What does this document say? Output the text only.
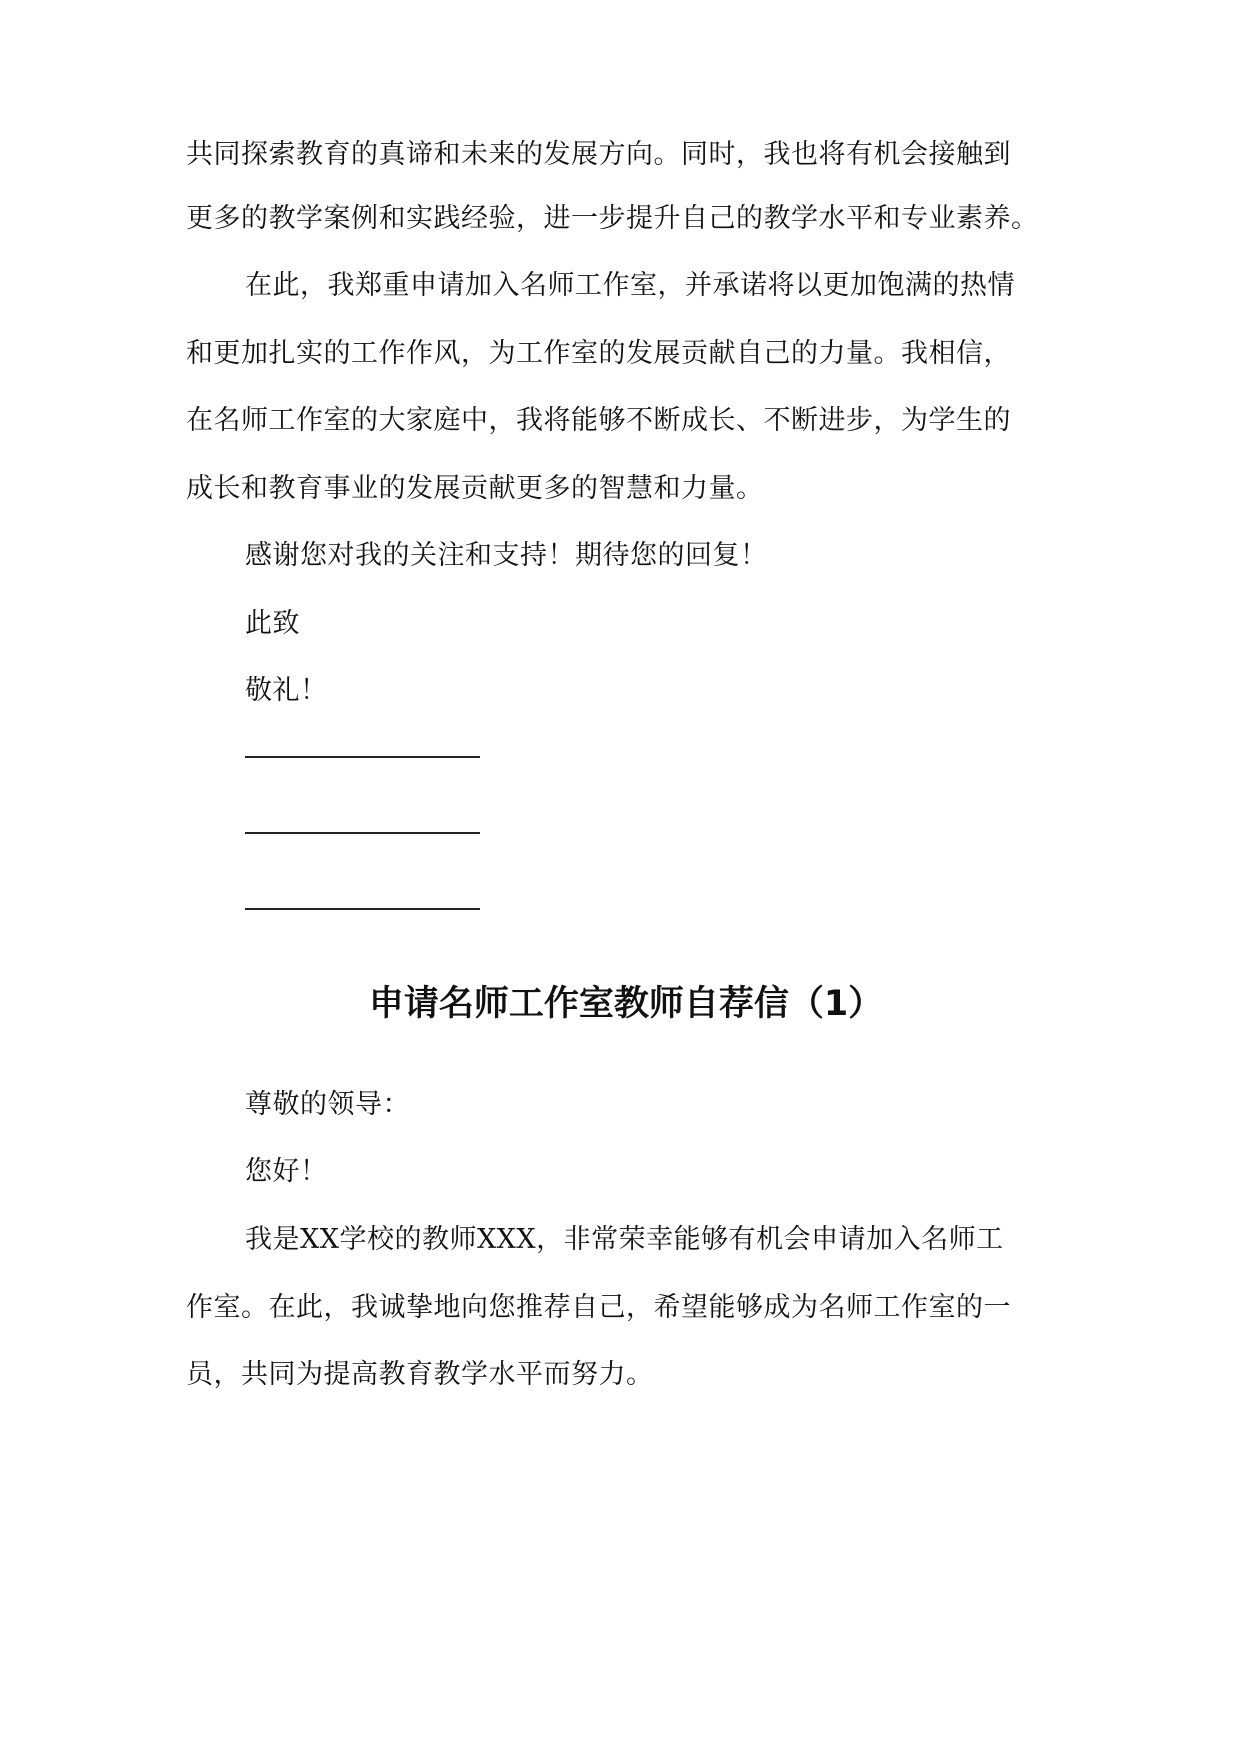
共同探索教育的真谛和未来的发展方向。同时，我也将有机会接触到
更多的教学案例和实践经验，进一步提升自己的教学水平和专业素养。
在此，我郑重申请加入名师工作室，并承诺将以更加饱满的热情
和更加扎实的工作作风，为工作室的发展贡献自己的力量。我相信，
在名师工作室的大家庭中，我将能够不断成长、不断进步，为学生的
成长和教育事业的发展贡献更多的智慧和力量。
感谢您对我的关注和支持！期待您的回复！
此致
敬礼！
申请名师工作室教师自荐信（1）
尊敬的领导：
您好！
我是XX学校的教师XXX，非常荣幸能够有机会申请加入名师工
作室。在此，我诚挚地向您推荐自己，希望能够成为名师工作室的一
员，共同为提高教育教学水平而努力。
